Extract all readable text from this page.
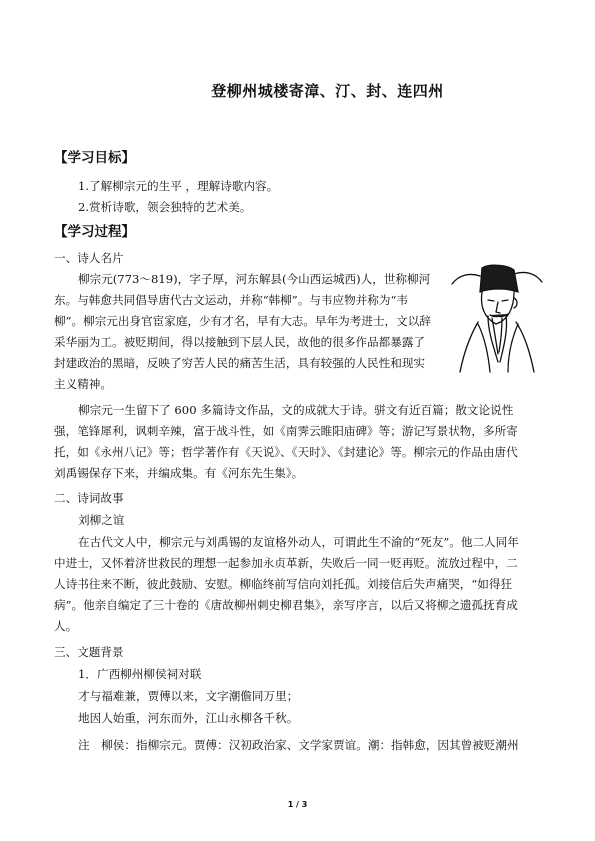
登柳州城楼寄漳、汀、封、连四州
【学习目标】
1.了解柳宗元的生平 ，理解诗歌内容。
2.赏析诗歌，领会独特的艺术美。
【学习过程】
一、诗人名片
柳宗元(773～819)，字子厚，河东解县(今山西运城西)人，世称柳河
东。与韩愈共同倡导唐代古文运动，并称“韩柳”。与韦应物并称为“韦
柳”。柳宗元出身官宦家庭，少有才名，早有大志。早年为考进士，文以辞
采华丽为工。被贬期间，得以接触到下层人民，故他的很多作品都暴露了
封建政治的黑暗，反映了穷苦人民的痛苦生活，具有较强的人民性和现实
主义精神。
柳宗元一生留下了 600 多篇诗文作品，文的成就大于诗。骈文有近百篇；散文论说性
强，笔锋犀利，讽刺辛辣，富于战斗性，如《南霁云睢阳庙碑》等；游记写景状物，多所寄
托，如《永州八记》等；哲学著作有《天说》、《天时》、《封建论》等。柳宗元的作品由唐代
刘禹锡保存下来，并编成集。有《河东先生集》。
二、诗词故事
刘柳之谊
在古代文人中，柳宗元与刘禹锡的友谊格外动人，可谓此生不渝的“死友”。他二人同年
中进士，又怀着济世救民的理想一起参加永贞革新，失败后一同一贬再贬。流放过程中，二
人诗书往来不断，彼此鼓励、安慰。柳临终前写信向刘托孤。刘接信后失声痛哭，“如得狂
病”。他亲自编定了三十卷的《唐故柳州刺史柳君集》，亲写序言，以后又将柳之遗孤抚育成
人。
三、文题背景
1．广西柳州柳侯祠对联
才与福难兼，贾傅以来，文字潮儋同万里；
地因人始重，河东而外，江山永柳各千秋。
注　柳侯：指柳宗元。贾傅：汉初政治家、文学家贾谊。潮：指韩愈，因其曾被贬潮州
1 / 3
